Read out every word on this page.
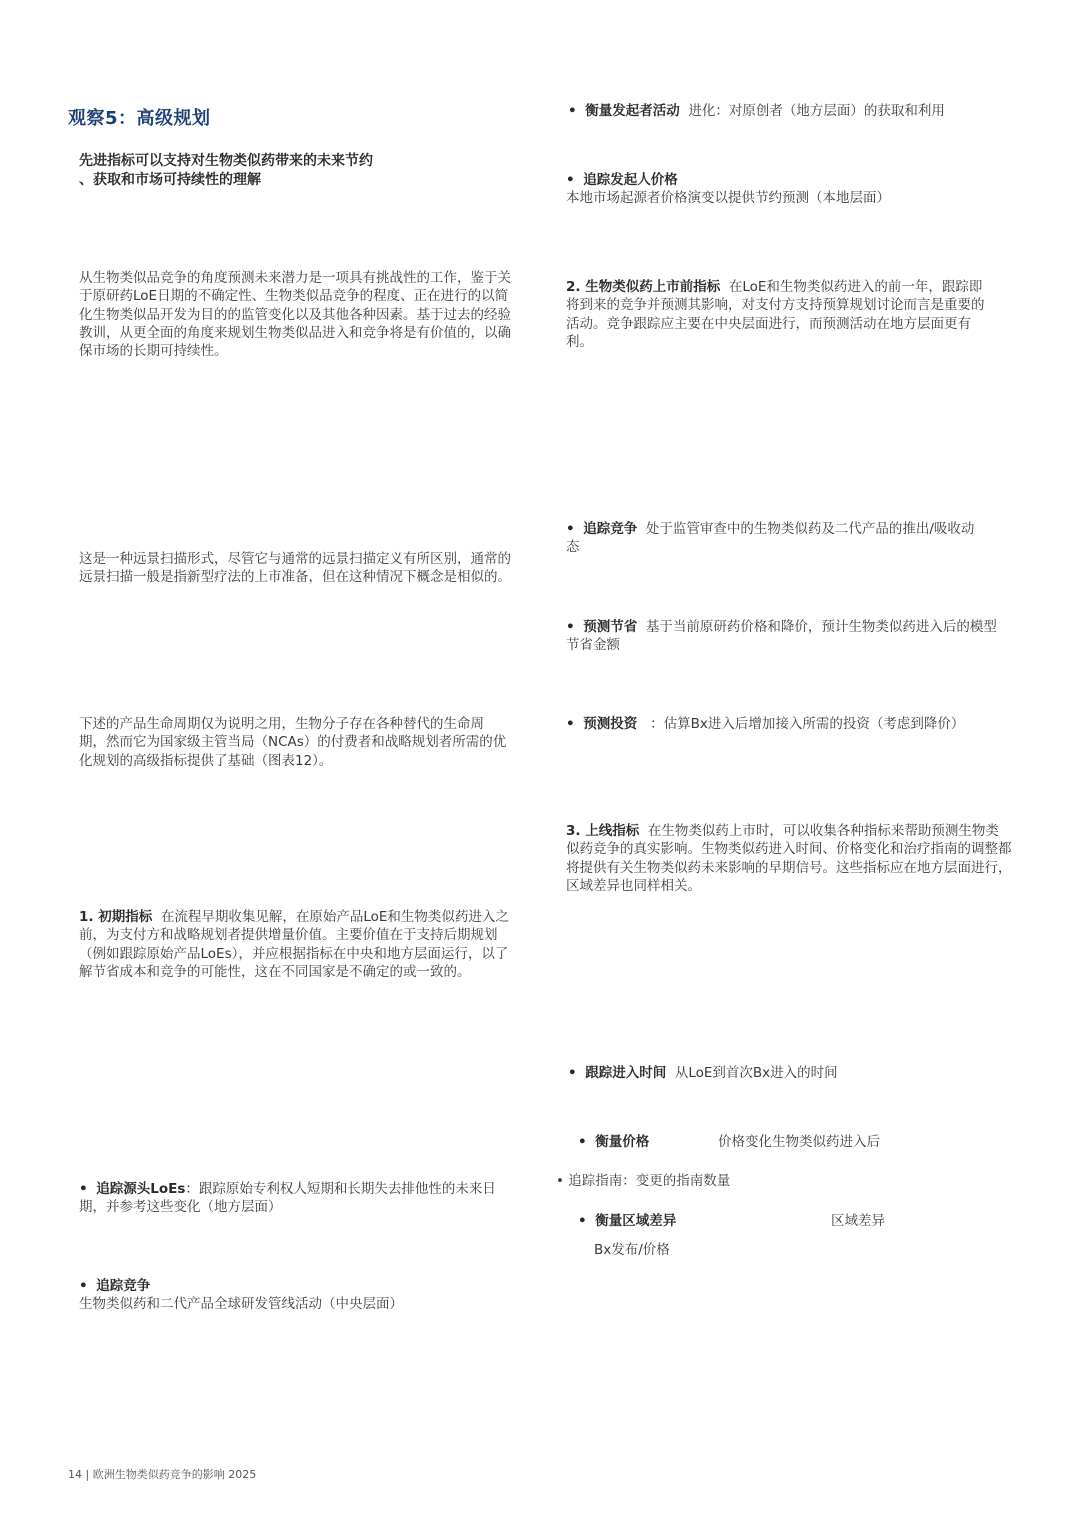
观察5：高级规划
先进指标可以支持对生物类似药带来的未来节约
、获取和市场可持续性的理解
从生物类似品竞争的角度预测未来潜力是一项具有挑战性的工作，鉴于关于原研药LoE日期的不确定性、生物类似品竞争的程度、正在进行的以简化生物类似品开发为目的的监管变化以及其他各种因素。基于过去的经验教训，从更全面的角度来规划生物类似品进入和竞争将是有价值的，以确保市场的长期可持续性。
这是一种远景扫描形式，尽管它与通常的远景扫描定义有所区别，通常的远景扫描一般是指新型疗法的上市准备，但在这种情况下概念是相似的。
下述的产品生命周期仅为说明之用，生物分子存在各种替代的生命周期，然而它为国家级主管当局（NCAs）的付费者和战略规划者所需的优化规划的高级指标提供了基础（图表12）。
1. 初期指标 在流程早期收集见解，在原始产品LoE和生物类似药进入之前，为支付方和战略规划者提供增量价值。主要价值在于支持后期规划（例如跟踪原始产品LoEs），并应根据指标在中央和地方层面运行，以了解节省成本和竞争的可能性，这在不同国家是不确定的或一致的。
• 追踪源头LoEs：跟踪原始专利权人短期和长期失去排他性的未来日期，并参考这些变化（地方层面）
• 追踪竞争  生物类似药和二代产品全球研发管线活动（中央层面）
• 衡量发起者活动 进化：对原创者（地方层面）的获取和利用
• 追踪发起人价格  本地市场起源者价格演变以提供节约预测（本地层面）
2. 生物类似药上市前指标 在LoE和生物类似药进入的前一年，跟踪即将到来的竞争并预测其影响，对支付方支持预算规划讨论而言是重要的活动。竞争跟踪应主要在中央层面进行，而预测活动在地方层面更有利。
• 追踪竞争 处于监管审查中的生物类似药及二代产品的推出/吸收动态
• 预测节省 基于当前原研药价格和降价，预计生物类似药进入后的模型节省金额
• 预测投资 ：估算Bx进入后增加接入所需的投资（考虑到降价）
3. 上线指标 在生物类似药上市时，可以收集各种指标来帮助预测生物类似药竞争的真实影响。生物类似药进入时间、价格变化和治疗指南的调整都将提供有关生物类似药未来影响的早期信号。这些指标应在地方层面进行，区域差异也同样相关。
• 跟踪进入时间 从LoE到首次Bx进入的时间
• 衡量价格	价格变化生物类似药进入后
• 追踪指南：变更的指南数量
• 衡量区域差异	区域差异
Bx发布/价格
14 | 欧洲生物类似药竞争的影响 2025
